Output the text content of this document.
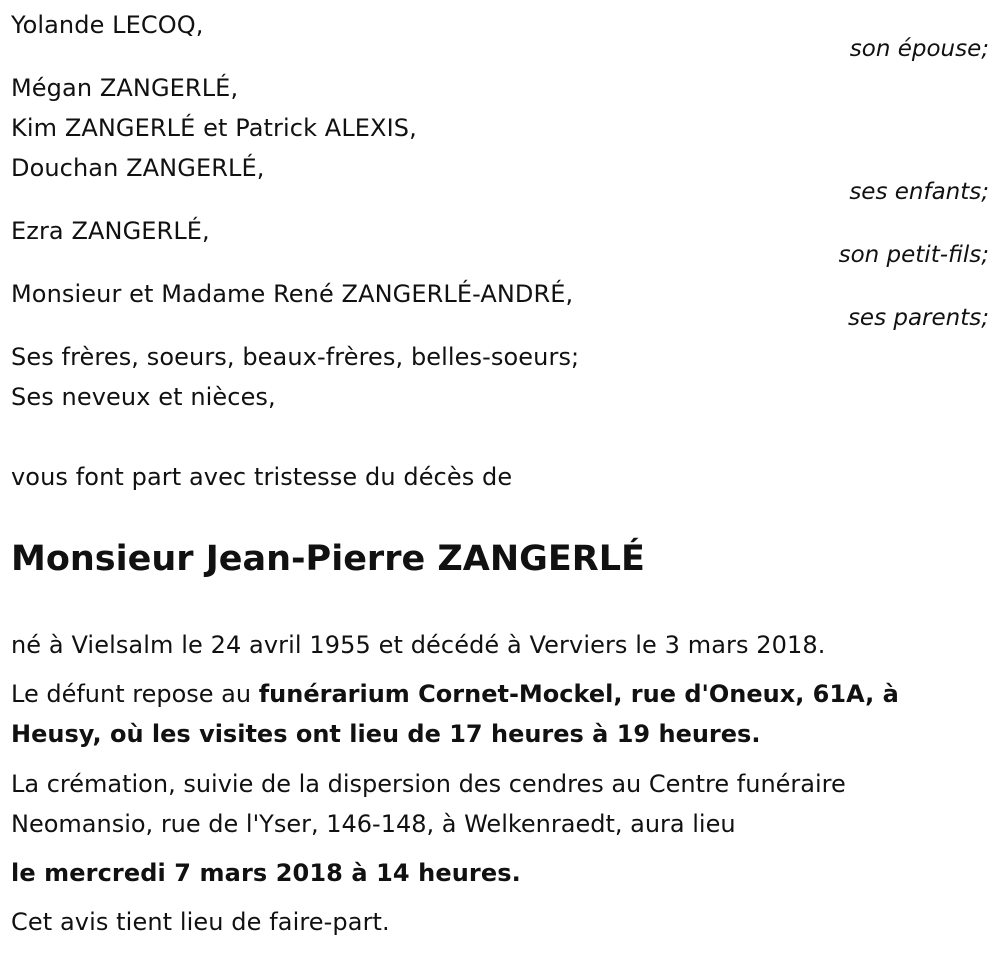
Yolande LECOQ,
son épouse;
Mégan ZANGERLÉ,
Kim ZANGERLÉ et Patrick ALEXIS,
Douchan ZANGERLÉ,
ses enfants;
Ezra ZANGERLÉ,
son petit-fils;
Monsieur et Madame René ZANGERLÉ-ANDRÉ,
ses parents;
Ses frères, soeurs, beaux-frères, belles-soeurs;
Ses neveux et nièces,
vous font part avec tristesse du décès de
Monsieur Jean-Pierre ZANGERLÉ
né à Vielsalm le 24 avril 1955 et décédé à Verviers le 3 mars 2018.
Le défunt repose au funérarium Cornet-Mockel, rue d'Oneux, 61A, à Heusy, où les visites ont lieu de 17 heures à 19 heures.
La crémation, suivie de la dispersion des cendres au Centre funéraire Neomansio, rue de l'Yser, 146-148, à Welkenraedt, aura lieu
le mercredi 7 mars 2018 à 14 heures.
Cet avis tient lieu de faire-part.
